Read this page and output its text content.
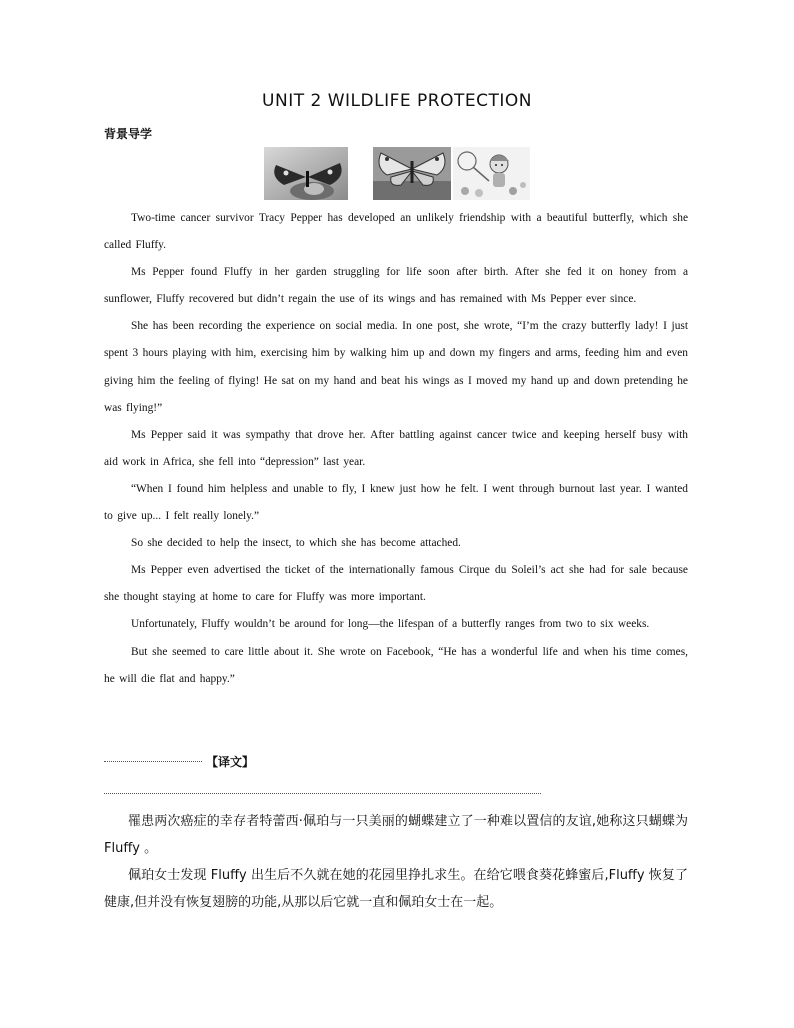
UNIT 2 WILDLIFE PROTECTION
背景导学

Two-time cancer survivor Tracy Pepper has developed an unlikely friendship with a beautiful butterfly, which she called Fluffy.

Ms Pepper found Fluffy in her garden struggling for life soon after birth. After she fed it on honey from a sunflower, Fluffy recovered but didn’t regain the use of its wings and has remained with Ms Pepper ever since.

She has been recording the experience on social media. In one post, she wrote, “I’m the crazy butterfly lady! I just spent 3 hours playing with him, exercising him by walking him up and down my fingers and arms, feeding him and even giving him the feeling of flying! He sat on my hand and beat his wings as I moved my hand up and down pretending he was flying!”

Ms Pepper said it was sympathy that drove her. After battling against cancer twice and keeping herself busy with aid work in Africa, she fell into “depression” last year.

“When I found him helpless and unable to fly, I knew just how he felt. I went through burnout last year. I wanted to give up... I felt really lonely.”

So she decided to help the insect, to which she has become attached.

Ms Pepper even advertised the ticket of the internationally famous Cirque du Soleil’s act she had for sale because she thought staying at home to care for Fluffy was more important.

Unfortunately, Fluffy wouldn’t be around for long—the lifespan of a butterfly ranges from two to six weeks.

But she seemed to care little about it. She wrote on Facebook, “He has a wonderful life and when his time comes, he will die flat and happy.”

【译文】

罹患两次癌症的幸存者特蕾西·佩珀与一只美丽的蝴蝶建立了一种难以置信的友谊,她称这只蝴蝶为 Fluffy 。

佩珀女士发现 Fluffy 出生后不久就在她的花园里挣扎求生。在给它喂食葵花蜂蜜后,Fluffy 恢复了健康,但并没有恢复翅膀的功能,从那以后它就一直和佩珀女士在一起。
